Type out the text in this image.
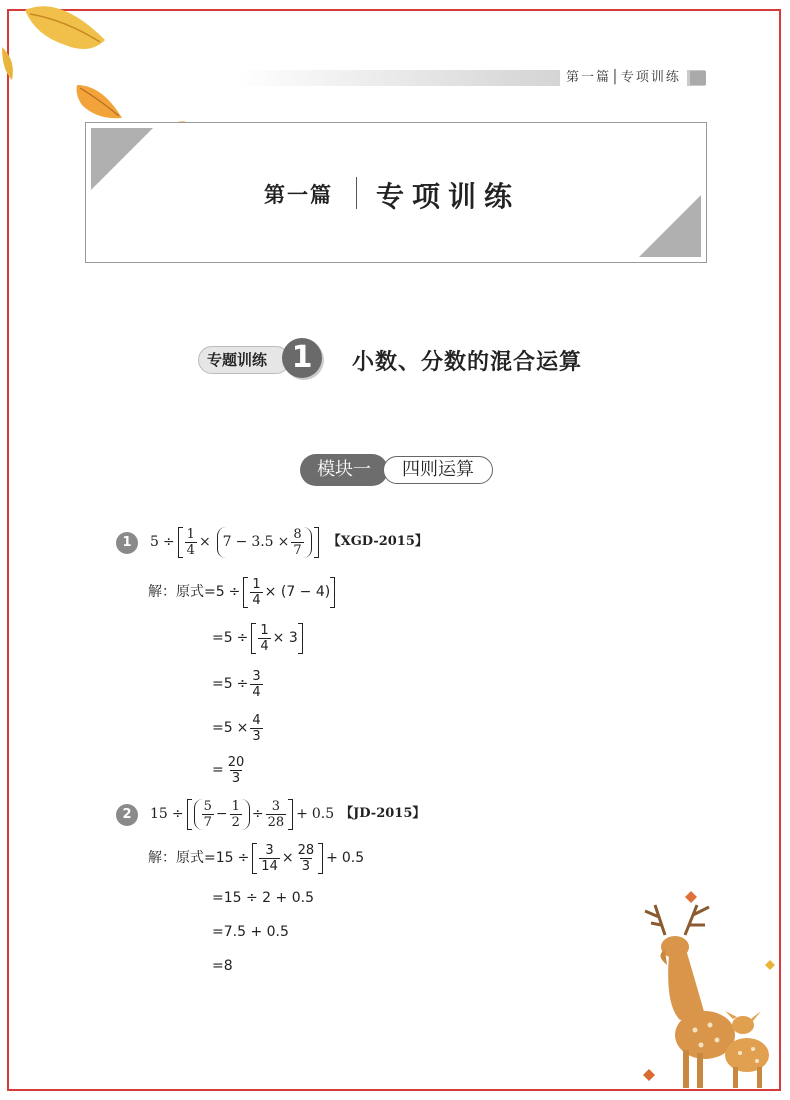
第一篇│专项训练
第一篇 专项训练
专题训练 1	小数、分数的混合运算
模块一	四则运算
1	$5 \div \frac{1}{4} \times 7 - 3.5 \times \frac{8}{7}$ 【XGD-2015】
解：原式 = $5 \div \frac{1}{4} \times (7 - 4)$
= $5 \div \frac{1}{4} \times 3$
= $5 \div \frac{3}{4}$
= $5 \times \frac{4}{3}$
= $\frac{20}{3}$
2	$15 \div \frac{5}{7} - \frac{1}{2} \div \frac{3}{28} + 0.5$ 【JD-2015】
解：原式 = $15 \div \frac{3}{14} \times \frac{28}{3} + 0.5$
=15 ÷ 2 + 0.5
=7.5 + 0.5
=8
